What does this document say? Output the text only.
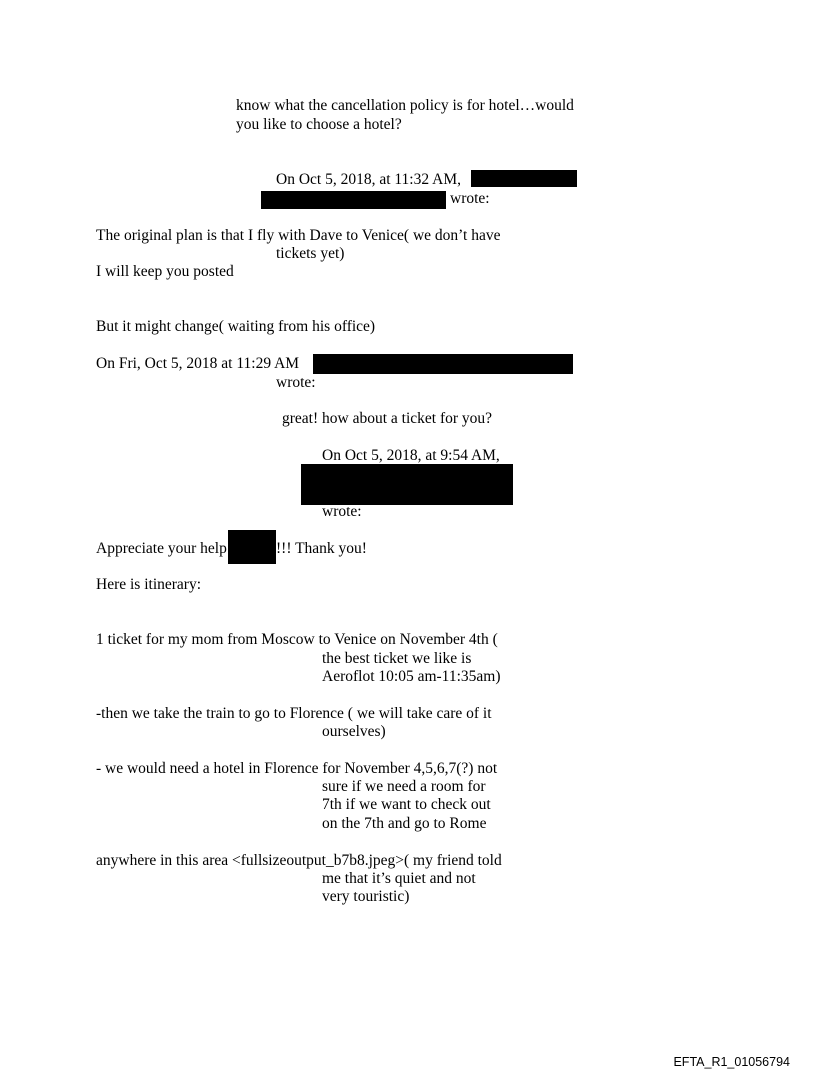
know what the cancellation policy is for hotel…would
you like to choose a hotel?
On Oct 5, 2018, at 11:32 AM,
wrote:
The original plan is that I fly with Dave to Venice( we don’t have
tickets yet)
I will keep you posted
But it might change( waiting from his office)
On Fri, Oct 5, 2018 at 11:29 AM
wrote:
great! how about a ticket for you?
On Oct 5, 2018, at 9:54 AM,
wrote:
Appreciate your help	!!! Thank you!
Here is itinerary:
1 ticket for my mom from Moscow to Venice on November 4th (
the best ticket we like is
Aeroflot 10:05 am-11:35am)
-then we take the train to go to Florence ( we will take care of it
ourselves)
- we would need a hotel in Florence for November 4,5,6,7(?) not
sure if we need a room for
7th if we want to check out
on the 7th and go to Rome
anywhere in this area <fullsizeoutput_b7b8.jpeg>( my friend told
me that it’s quiet and not
very touristic)
EFTA_R1_01056794
